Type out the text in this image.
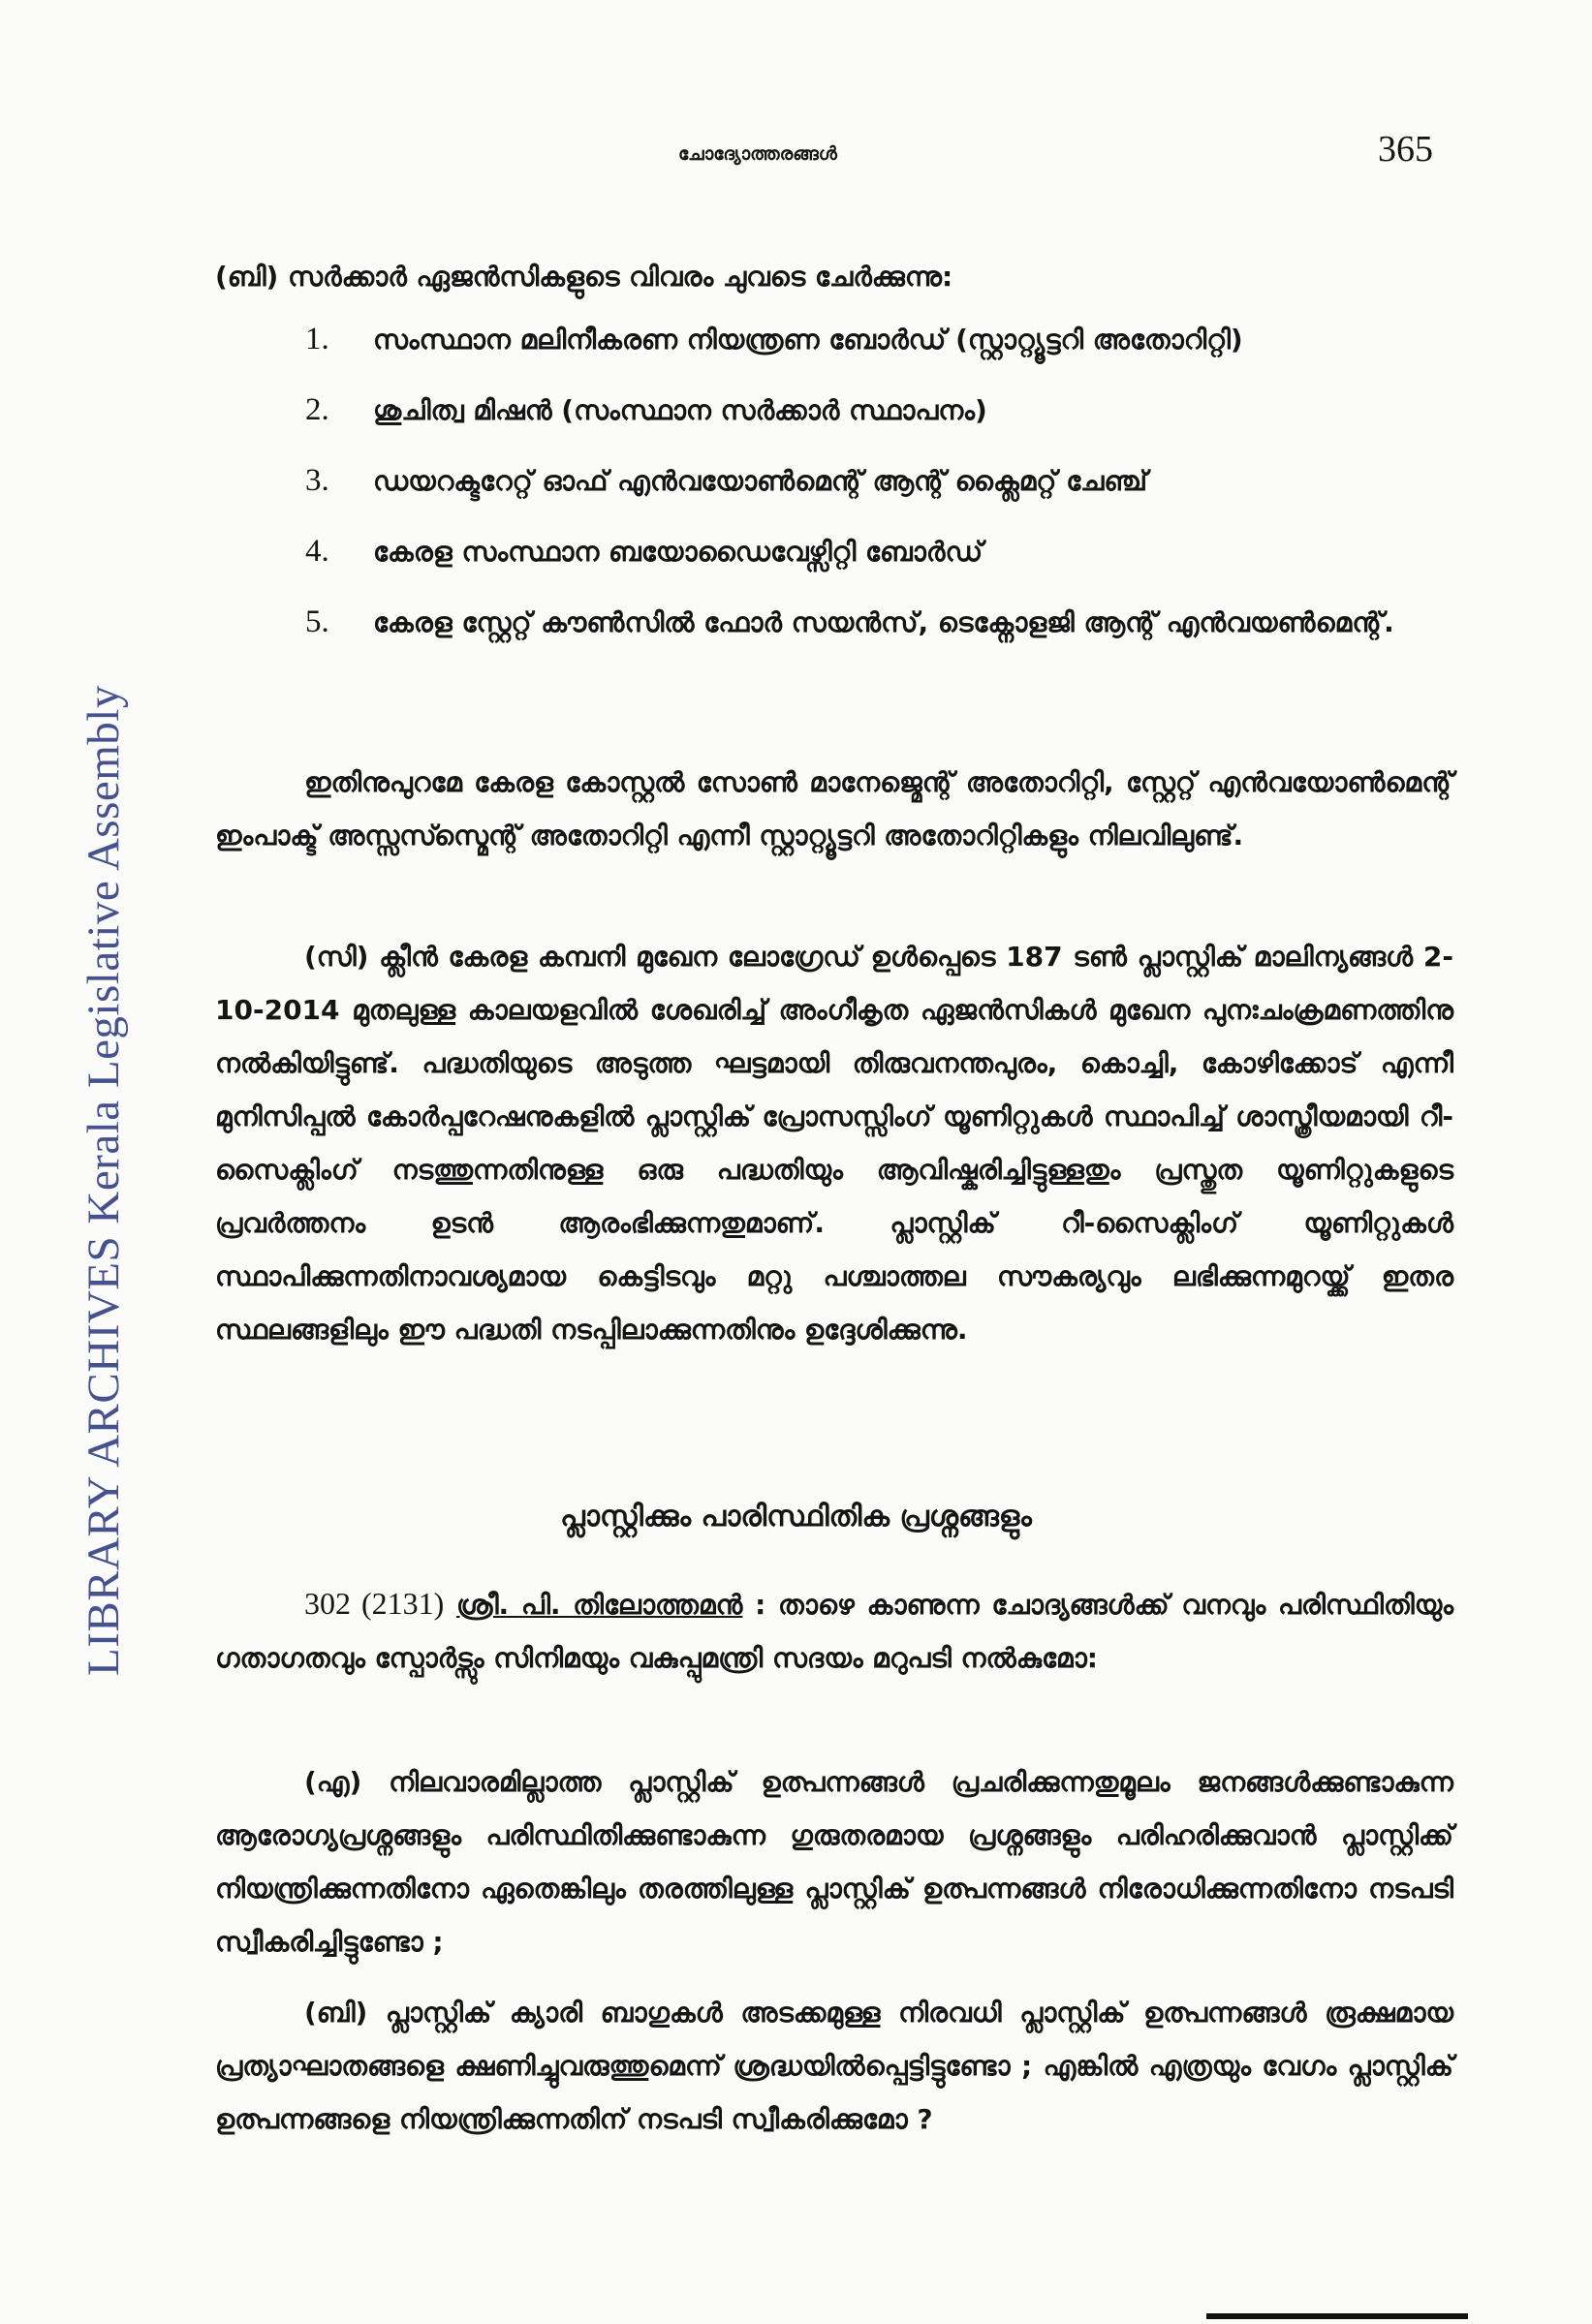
LIBRARY ARCHIVES Kerala Legislative Assembly
ചോദ്യോത്തരങ്ങൾ	365
(ബി) സർക്കാർ ഏജൻസികളുടെ വിവരം ചുവടെ ചേർക്കുന്നു:
1. സംസ്ഥാന മലിനീകരണ നിയന്ത്രണ ബോർഡ് (സ്റ്റാറ്റ്യൂട്ടറി അതോറിറ്റി)
2. ശുചിത്വ മിഷൻ (സംസ്ഥാന സർക്കാർ സ്ഥാപനം)
3. ഡയറക്ടറേറ്റ് ഓഫ് എൻവയോൺമെന്റ് ആന്റ് ക്ലൈമറ്റ് ചേഞ്ച്
4. കേരള സംസ്ഥാന ബയോഡൈവേഴ്സിറ്റി ബോർഡ്
5. കേരള സ്റ്റേറ്റ് കൗൺസിൽ ഫോർ സയൻസ്, ടെക്നോളജി ആന്റ് എൻവയൺമെന്റ്.
ഇതിനുപുറമേ കേരള കോസ്റ്റൽ സോൺ മാനേജ്മെന്റ് അതോറിറ്റി, സ്റ്റേറ്റ് എൻവയോൺമെന്റ് ഇംപാക്ട് അസ്സസ്സ്മെന്റ് അതോറിറ്റി എന്നീ സ്റ്റാറ്റ്യൂട്ടറി അതോറിറ്റികളും നിലവിലുണ്ട്.
(സി) ക്ലീൻ കേരള കമ്പനി മുഖേന ലോഗ്രേഡ് ഉൾപ്പെടെ 187 ടൺ പ്ലാസ്റ്റിക് മാലിന്യങ്ങൾ 2-10-2014 മുതലുള്ള കാലയളവിൽ ശേഖരിച്ച് അംഗീകൃത ഏജൻസികൾ മുഖേന പുനഃചംക്രമണത്തിനു നൽകിയിട്ടുണ്ട്. പദ്ധതിയുടെ അടുത്ത ഘട്ടമായി തിരുവനന്തപുരം, കൊച്ചി, കോഴിക്കോട് എന്നീ മുനിസിപ്പൽ കോർപ്പറേഷനുകളിൽ പ്ലാസ്റ്റിക് പ്രോസസ്സിംഗ് യൂണിറ്റുകൾ സ്ഥാപിച്ച് ശാസ്ത്രീയമായി റീ-സൈക്ലിംഗ് നടത്തുന്നതിനുള്ള ഒരു പദ്ധതിയും ആവിഷ്കരിച്ചിട്ടുള്ളതും പ്രസ്തുത യൂണിറ്റുകളുടെ പ്രവർത്തനം ഉടൻ ആരംഭിക്കുന്നതുമാണ്. പ്ലാസ്റ്റിക് റീ-സൈക്ലിംഗ് യൂണിറ്റുകൾ സ്ഥാപിക്കുന്നതിനാവശ്യമായ കെട്ടിടവും മറ്റു പശ്ചാത്തല സൗകര്യവും ലഭിക്കുന്നമുറയ്ക്ക് ഇതര സ്ഥലങ്ങളിലും ഈ പദ്ധതി നടപ്പിലാക്കുന്നതിനും ഉദ്ദേശിക്കുന്നു.
പ്ലാസ്റ്റിക്കും പാരിസ്ഥിതിക പ്രശ്നങ്ങളും
302 (2131) ശ്രീ. പി. തിലോത്തമൻ : താഴെ കാണുന്ന ചോദ്യങ്ങൾക്ക് വനവും പരിസ്ഥിതിയും ഗതാഗതവും സ്പോർട്സും സിനിമയും വകുപ്പുമന്ത്രി സദയം മറുപടി നൽകുമോ:
(എ) നിലവാരമില്ലാത്ത പ്ലാസ്റ്റിക് ഉത്പന്നങ്ങൾ പ്രചരിക്കുന്നതുമൂലം ജനങ്ങൾക്കുണ്ടാകുന്ന ആരോഗ്യപ്രശ്നങ്ങളും പരിസ്ഥിതിക്കുണ്ടാകുന്ന ഗുരുതരമായ പ്രശ്നങ്ങളും പരിഹരിക്കുവാൻ പ്ലാസ്റ്റിക്ക് നിയന്ത്രിക്കുന്നതിനോ ഏതെങ്കിലും തരത്തിലുള്ള പ്ലാസ്റ്റിക് ഉത്പന്നങ്ങൾ നിരോധിക്കുന്നതിനോ നടപടി സ്വീകരിച്ചിട്ടുണ്ടോ ;
(ബി) പ്ലാസ്റ്റിക് ക്യാരി ബാഗുകൾ അടക്കമുള്ള നിരവധി പ്ലാസ്റ്റിക് ഉത്പന്നങ്ങൾ രൂക്ഷമായ പ്രത്യാഘാതങ്ങളെ ക്ഷണിച്ചുവരുത്തുമെന്ന് ശ്രദ്ധയിൽപ്പെട്ടിട്ടുണ്ടോ ; എങ്കിൽ എത്രയും വേഗം പ്ലാസ്റ്റിക് ഉത്പന്നങ്ങളെ നിയന്ത്രിക്കുന്നതിന് നടപടി സ്വീകരിക്കുമോ ?
